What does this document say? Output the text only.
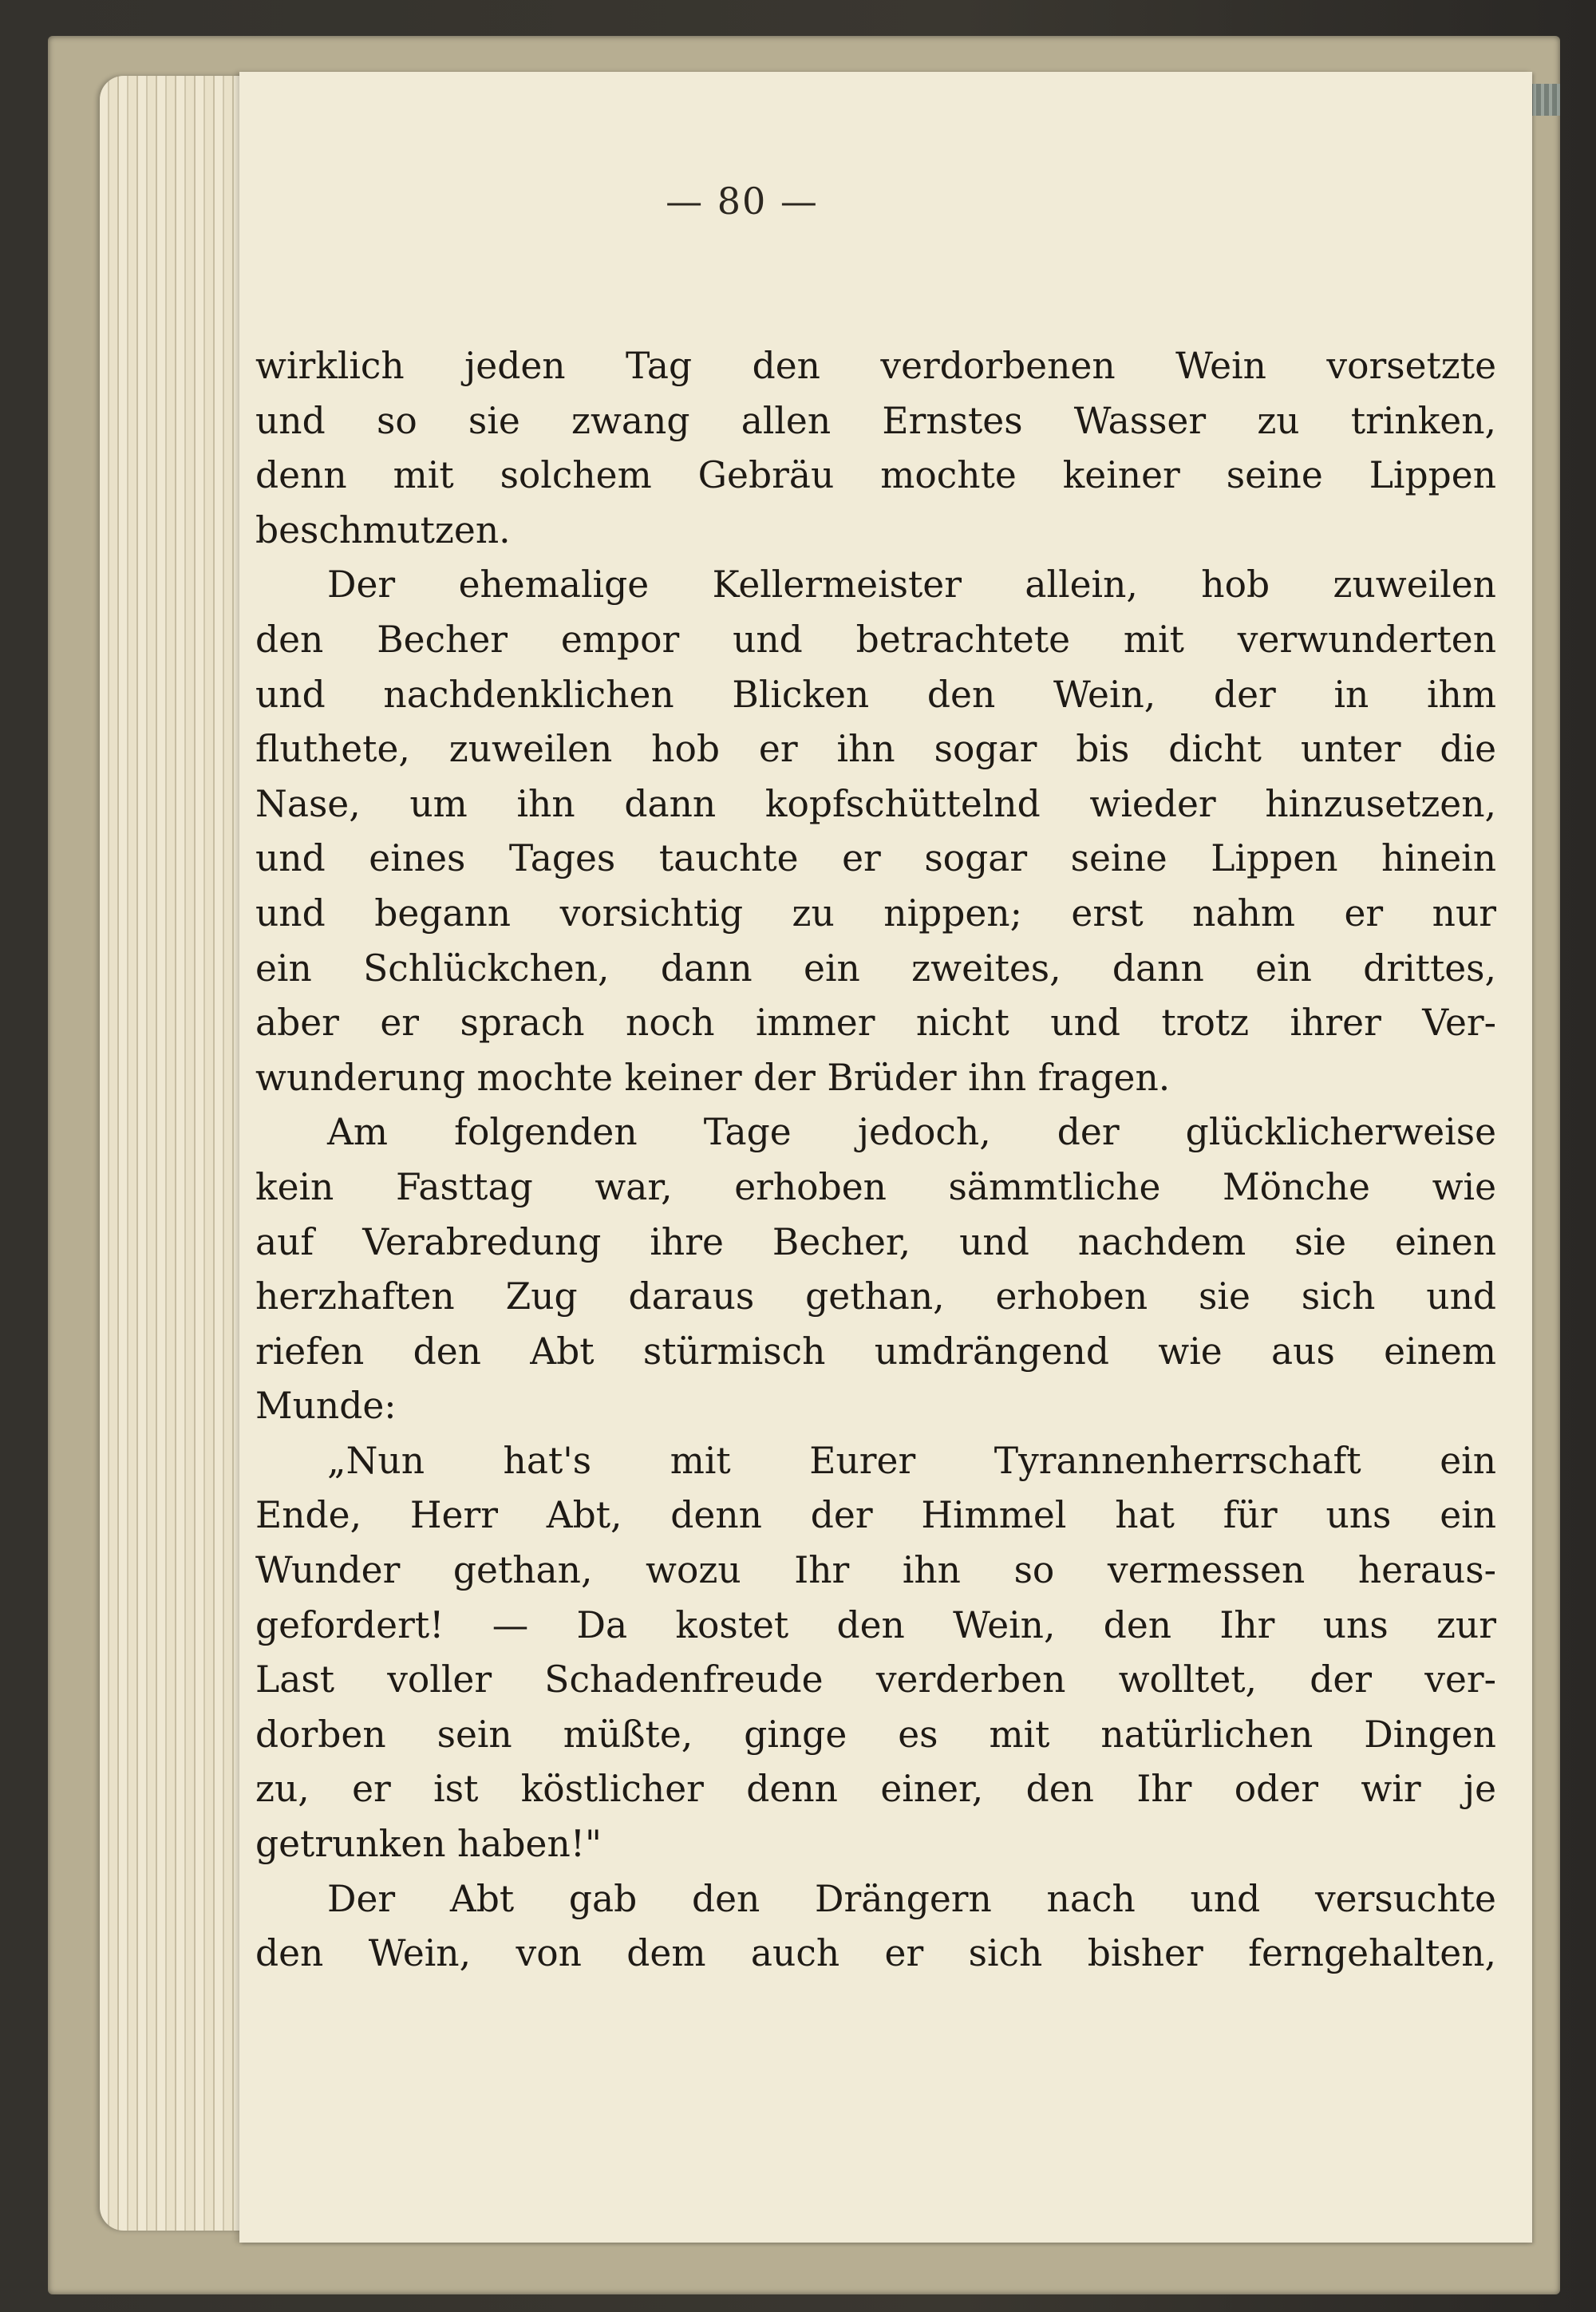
— 80 —
wirklich jeden Tag den verdorbenen Wein vorsetzte
und so sie zwang allen Ernstes Wasser zu trinken,
denn mit solchem Gebräu mochte keiner seine Lippen
beschmutzen.
Der ehemalige Kellermeister allein, hob zuweilen
den Becher empor und betrachtete mit verwunderten
und nachdenklichen Blicken den Wein, der in ihm
fluthete, zuweilen hob er ihn sogar bis dicht unter die
Nase, um ihn dann kopfschüttelnd wieder hinzusetzen,
und eines Tages tauchte er sogar seine Lippen hinein
und begann vorsichtig zu nippen; erst nahm er nur
ein Schlückchen, dann ein zweites, dann ein drittes,
aber er sprach noch immer nicht und trotz ihrer Ver-
wunderung mochte keiner der Brüder ihn fragen.
Am folgenden Tage jedoch, der glücklicherweise
kein Fasttag war, erhoben sämmtliche Mönche wie
auf Verabredung ihre Becher, und nachdem sie einen
herzhaften Zug daraus gethan, erhoben sie sich und
riefen den Abt stürmisch umdrängend wie aus einem
Munde:
„Nun hat's mit Eurer Tyrannenherrschaft ein
Ende, Herr Abt, denn der Himmel hat für uns ein
Wunder gethan, wozu Ihr ihn so vermessen heraus-
gefordert! — Da kostet den Wein, den Ihr uns zur
Last voller Schadenfreude verderben wolltet, der ver-
dorben sein müßte, ginge es mit natürlichen Dingen
zu, er ist köstlicher denn einer, den Ihr oder wir je
getrunken haben!"
Der Abt gab den Drängern nach und versuchte
den Wein, von dem auch er sich bisher ferngehalten,
